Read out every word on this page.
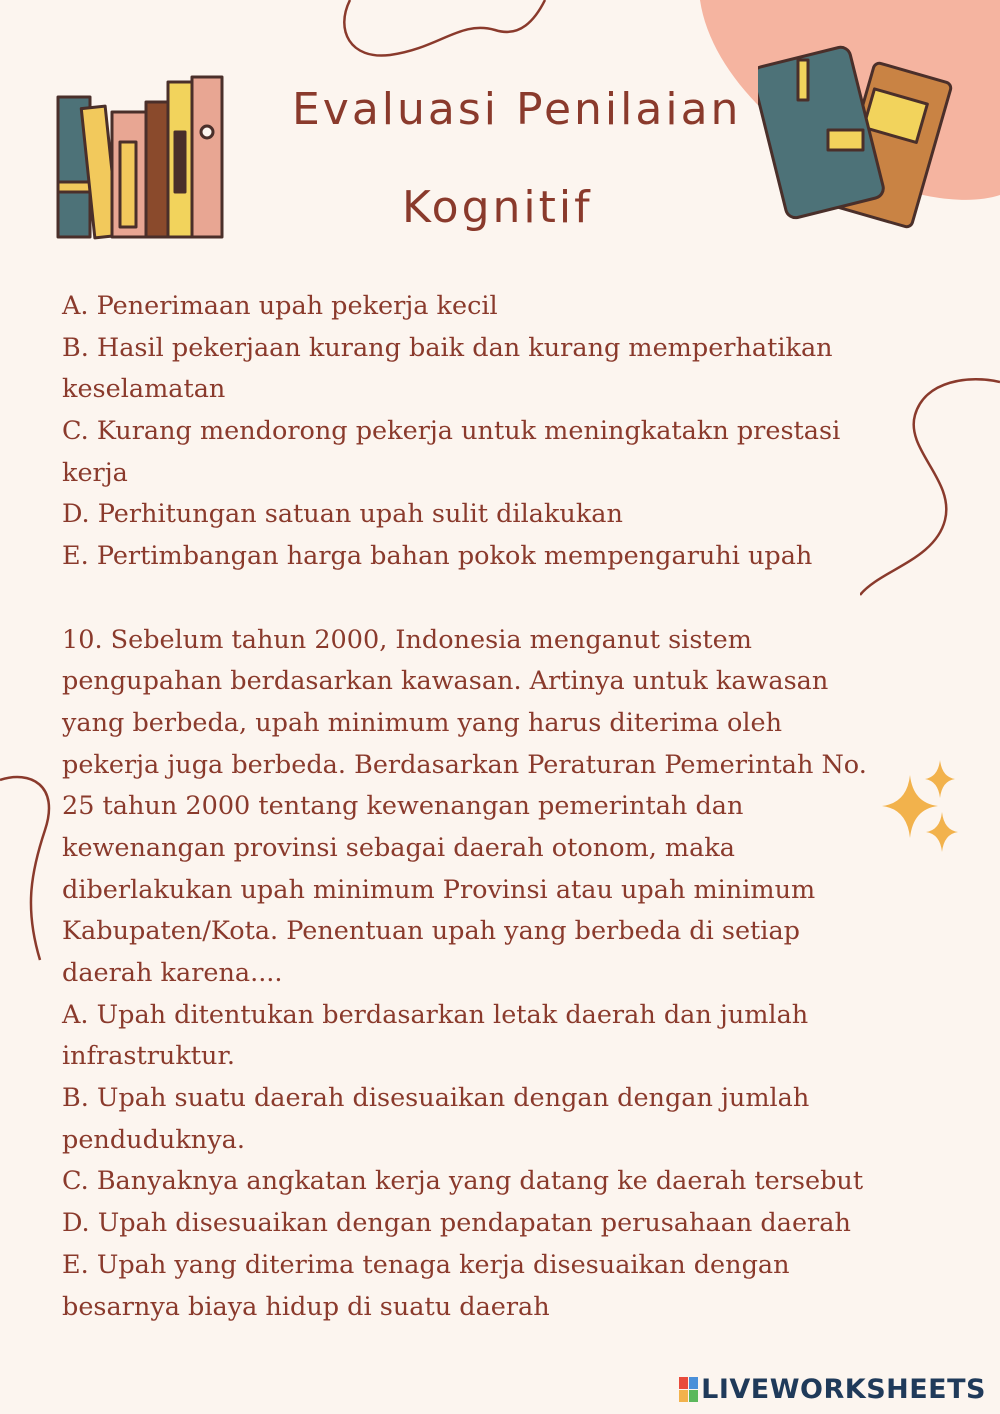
Evaluasi Penilaian
Kognitif
A. Penerimaan upah pekerja kecil
B. Hasil pekerjaan kurang baik dan kurang memperhatikan
keselamatan
C. Kurang mendorong pekerja untuk meningkatakn prestasi
kerja
D. Perhitungan satuan upah sulit dilakukan
E. Pertimbangan harga bahan pokok mempengaruhi upah
10. Sebelum tahun 2000, Indonesia menganut sistem
pengupahan berdasarkan kawasan. Artinya untuk kawasan
yang berbeda, upah minimum yang harus diterima oleh
pekerja juga berbeda. Berdasarkan Peraturan Pemerintah No.
25 tahun 2000 tentang kewenangan pemerintah dan
kewenangan provinsi sebagai daerah otonom, maka
diberlakukan upah minimum Provinsi atau upah minimum
Kabupaten/Kota. Penentuan upah yang berbeda di setiap
daerah karena....
A. Upah ditentukan berdasarkan letak daerah dan jumlah
infrastruktur.
B. Upah suatu daerah disesuaikan dengan dengan jumlah
penduduknya.
C. Banyaknya angkatan kerja yang datang ke daerah tersebut
D. Upah disesuaikan dengan pendapatan perusahaan daerah
E. Upah yang diterima tenaga kerja disesuaikan dengan
besarnya biaya hidup di suatu daerah
LIVEWORKSHEETS
